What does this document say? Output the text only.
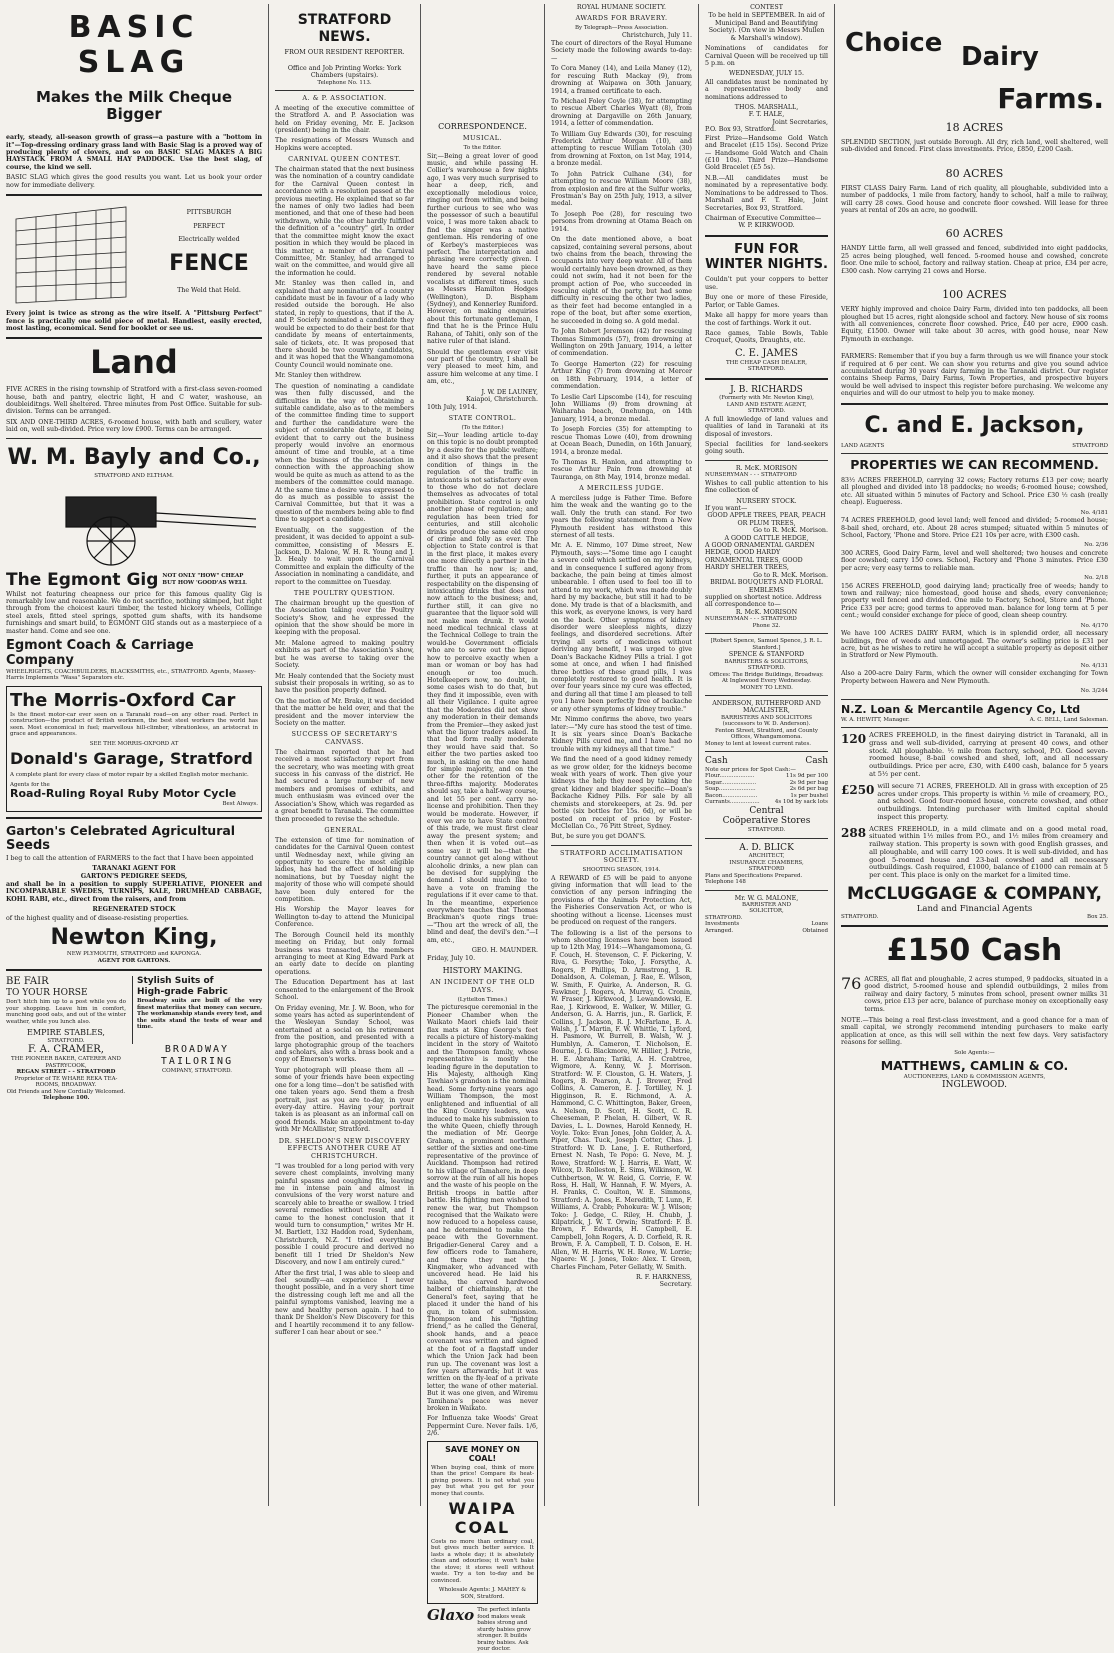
BASIC SLAG
Makes the Milk Cheque Bigger

early, steady, all-season growth of grass—a pasture with a "bottom in it"—Top-dressing ordinary grass land with Basic Slag is a proved way of producing plenty of clovers, and so on BASIC SLAG MAKES A BIG HAYSTACK FROM A SMALL HAY PADDOCK. Use the best slag, of course, the kind we sell.

BASIC SLAG which gives the good results you want. Let us book your order now for immediate delivery.

PITTSBURGH
PERFECT
Electrically welded
FENCE
The Weld that Held.

Every joint is twice as strong as the wire itself. A "Pittsburg Perfect" fence is practically one solid piece of metal. Handiest, easily erected, most lasting, economical. Send for booklet or see us.

Land

FIVE ACRES in the rising township of Stratford with a first-class seven-roomed house, bath and pantry, electric light, H and C water, washouse, an doubleiditngs. Well sheltered. Three minutes from Post Office. Suitable for sub-division. Terms can be arranged.

SIX AND ONE-THIRD ACRES, 6-roomed house, with bath and scullery, water laid on, well sub-divided. Price very low £900. Terms can be arranged.

W. M. Bayly and Co.,
STRATFORD AND ELTHAM.
The Egmont Gig NOT ONLY "HOW" CHEAP
BUT HOW 'GOOD'AS WELL

Whilst not featuring cheapness our price for this famous quality Gig is remarkably low and reasonable. We do not sacrifice, nothing skimped, but right through from the choicest kauri timber, the tested hickory wheels, Collinge steel axels, fitted steel springs, spotted gum shafts, with its handsome furnishings and smart build, to EGMONT GIG stands out as a masterpiece of a master hand. Come and see one.

Egmont Coach & Carriage Company
WHEELRIGHTS, COACHBUILDERS, BLACKSMITHS, etc., STRATFORD. Agents, Massey-Harris Implements "Wasa" Separators etc.
The Morris-Oxford Car

Is the finest motor-car ever seen on a Taranaki road—on any other road. Perfect in construction—the product of British workmen, the best steel workers the world has seen. Most economical in fuel; marvellous hill-climber, vibrationless, an aristocrat in grace and appearances.

SEE THE MORRIS-OXFORD AT
Donald's Garage, Stratford

A complete plant for every class of motor repair by a skilled English motor mechanic.

Agents for the
Road-Ruling Royal Ruby Motor Cycle
Best Always.
Garton's Celebrated Agricultural
Seeds

I beg to call the attention of FARMERS to the fact that I have been appointed

TARANAKI AGENT FOR
GARTON'S PEDIGREE SEEDS,

and shall be in a position to supply SUPERLATIVE, PIONEER and INCOMPARABLE SWEDES, TURNIPS, KALE, DRUMHEAD CABBAGE, KOHL RABI, etc., direct from the raisers, and from

REGENERATED STOCK

of the highest quality and of disease-resisting properties.

Newton King,
NEW PLYMOUTH, STRATFORD and KAPONGA.
AGENT FOR GARTONS.
BE FAIR
TO YOUR HORSE

Don't hitch him up to a post while you do your shopping. Leave him in comfort, munching good oats, and out of the winter weather, while you lunch also.

EMPIRE STABLES,
STRATFORD.
Stylish Suits of
High-grade Fabric

Broadway suits are built of the very finest materiias that money can secure. The workmanship stands every test, and the suits stand the tests of wear and time.

F. A. CRAMER,
THE PIONEER BAKER, CATERER AND PASTRYCOOK,
REGAN STREET - - STRATFORD
Proprietor of TE WHARE REKA TEA-ROOMS, BROADWAY.
Old Friends and New Cordially Welcomed.
Telephone 100.
BROADWAY
TAILORING
COMPANY, STRATFORD.
STRATFORD NEWS.
FROM OUR RESIDENT REPORTER.
Office and Job Printing Works: York Chambers (upstairs).
Telephone No. 113.
A. & P. ASSOCIATION.

A meeting of the executive committee of the Stratford A. and P. Association was held on Friday evening, Mr. E. Jackson (president) being in the chair.

The resignations of Messrs Wunsch and Hopkins were accepted.

CARNIVAL QUEEN CONTEST.

The chairman stated that the next business was the nomination of a country candidate for the Carnival Queen contest in accordance with a resolution passed at the previous meeting. He explained that so far the names of only two ladies had been mentioned, and that one of these had been withdrawn, while the other hardly fulfilled the definition of a "country" girl. In order that the committee might know the exact position in which they would be placed in this matter, a member of the Carnival Committee, Mr. Stanley, had arranged to wait on the committee, and would give all the information he could.

Mr. Stanley was then called in, and explained that any nomination of a country candidate must be in favour of a lady who resided outside the borough. He also stated, in reply to questions, that if the A. and P. Society nominated a candidate they would be expected to do their best for that candidate by means of entertainments, sale of tickets, etc. It was proposed that there should be two country candidates, and it was hoped that the Whangamomona County Council would nominate one.

Mr. Stanley then withdrew.

The question of nominating a candidate was then fully discussed, and the difficulties in the way of obtaining a suitable candidate, also as to the members of the committee finding time to support and further the candidature were the subject of considerable debate, it being evident that to carry out the business properly would involve an enormous amount of time and trouble, at a time when the business of the Association in connection with the approaching show would be quite as much as attend to as the members of the committee could manage. At the same time a desire was expressed to do as much as possible to assist the Carnival Committee, but that it was a question of the members being able to find time to support a candidate.

Eventually, on the suggestion of the president, it was decided to appoint a sub-committee, consisting of Messrs E. Jackson, D. Malone, W. H. R. Young and J. D. Healy to wait upon the Carnival Committee and explain the difficulty of the Association in nominating a candidate, and report to the committee on Tuesday.

THE POULTRY QUESTION.

The chairman brought up the question of the Association taking over the Poultry Society's Show, and he expressed the opinion that the show should be more in keeping with the proposal.

Mr. Malone agreed to making poultry exhibits as part of the Association's show, but he was averse to taking over the Society.

Mr. Healy contended that the Society must subsist their proposals in writing, so as to have the position properly defined.

On the motion of Mr. Brake, it was decided that the matter be held over, and that the president and the mover interview the Society on the matter.

SUCCESS OF SECRETARY'S CANVASS.

The chairman reported that he had received a most satisfactory report from the secretary, who was meeting with great success in his canvass of the district. He had secured a large number of new members and promises of exhibits, and much enthusiasm was evinced over the Association's Show, which was regarded as a great benefit to Taranaki. The committee then proceeded to revise the schedule.

GENERAL.

The extension of time for nomination of candidates for the Carnival Queen contest until Wednesday next, while giving an opportunity to secure the most eligible ladies, has had the effect of holding up nominations, but by Tuesday night the majority of those who will compete should have been duly entered for the competition.

His Worship the Mayor leaves for Wellington to-day to attend the Municipal Conference.

The Borough Council held its monthly meeting on Friday, but only formal business was transacted, the members arranging to meet at King Edward Park at an early date to decide on planting operations.

The Education Department has at last consented to the enlargement of the Brook School.

On Friday evening, Mr. J. W. Boon, who for some years has acted as superintendent of the Wesleyan Sunday School, was entertained at a social on his retirement from the position, and presented with a large photographic group of the teachers and scholars, also with a brass book and a copy of Emerson's works.

Your photograph will please them all —some of your friends have been expecting one for a long time—don't be satisfied with one taken years ago. Send them a fresh portrait, just as you are to-day, in your every-day attire. Having your portrait taken is as pleasant as an informal call on good friends. Make an appointment to-day with Mr McAllister, Stratford.

DR. SHELDON'S NEW DISCOVERY EFFECTS ANOTHER CURE AT CHRISTCHURCH.

"I was troubled for a long period with very severe chest complaints, involving many painful spasms and coughing fits, leaving me in intense pain and almost in convulsions of the very worst nature and scarcely able to breathe or swallow. I tried several remedies without result, and I came to the honest conclusion that it would turn to consumption," writes Mr H. M. Bartlett, 132 Haddon road, Sydenham, Christchurch, N.Z. "I tried everything possible I could procure and derived no benefit till I tried Dr Sheldon's New Discovery, and now I am entirely cured."

After the first trial, I was able to sleep and feel soundly—an experience I never thought possible, and in a very short time the distressing cough left me and all the painful symptoms vanished, leaving me a new and healthy person again. I had to thank Dr Sheldon's New Discovery for this and I heartily recommend it to any fellow-sufferer I can hear about or see."

CORRESPONDENCE.
MUSICAL.
To the Editor.

Sir,—Being a great lover of good music, and while passing H. Collier's warehouse a few nights ago, I was very much surprised to hear a deep, rich, and exceptionally melodious voice, ringing out from within, and being further curious to see who was the possessor of such a beautiful voice, I was more taken aback to find the singer was a native gentleman. His rendering of one of Kerbey's masterpieces was perfect. The interpretation and phrasing were correctly given. I have heard the same piece rendered by several notable vocalists at different times, such as Messrs Hamilton Hodges (Wellington), D. Bispham (Sydney), and Kennerley Rumford. However, on making enquiries about this fortunate gentleman, I find that he is the Prince Hulu Rahana, of Tahiti, only son of the native ruler of that island.

Should the gentleman ever visit our part of the country, I shall be very pleased to meet him, and assure him welcome at any time. I am, etc.,

J. W. DE LAUNEY,
Kaiapoi, Christchurch.
10th July, 1914.
STATE CONTROL.
(To the Editor.)

Sir,—Your leading article to-day on this topic is no doubt prompted by a desire for the public welfare; and it also shows that the present condition of things in the regulation of the traffic in intoxicants is not satisfactory even to those who do not declare themselves as advocates of total prohibition. State control is only another phase of regulation; and regulation has been tried for centuries, and still alcoholic drinks produce the same old crop of crime and folly as ever. The objection to State control is that in the first place, it makes every one more directly a partner in the traffic than he now is; and, further, it puts an appearance of respectability on the dispensing of intoxicating drinks that does not now attach to the business; and, further still, it can give no guarantee that the liquor sold will not make men drunk. It would need medical technical class at the Technical College to train the would-be Government officials who are to serve out the liquor how to perceive exactly when a man or woman or boy has had enough or too much. Hotelkeepers now, no doubt, in some cases wish to do that, but they find it impossible, even with all their Vigilance. I quite agree that the Moderates did not show any moderation in their demands from the Premier—they asked just what the liquor traders asked. In that bad form really moderate they would have said that. So either the two parties asked too much, in asking on the one hand for simple majority, and on the other for the retention of the three-fifths majority. Moderates should say, take a half-way course, and let 55 per cent. carry no-license and prohibition. Then they would be moderate. However, if ever we are to have State control of this trade, we must first clear away the present system; and then when it is voted out—as some say it will be—that the country cannot get along without alcoholic drinks, a new plan can be devised for supplying the demand. I should much like to have a vote on framing the regulations if it ever came to that. In the meantime, experience everywhere teaches that Thomas Brackman's quote rings true:—"Thou art the wreck of all, the blind and deaf, the devil's den."—I am, etc.,

GEO. H. MAUNDER.
Friday, July 10.
HISTORY MAKING.
AN INCIDENT OF THE OLD DAYS.
(Lyttelton Times.)

The picturesque ceremonial in the Pioneer Chamber when the Waikato Maori chiefs laid their flax mats at King George's feet recalls a picture of history-making incident in the story of Waitoto and the Thompson family, whose representative is mostly the leading figure in the deputation to His Majesty, although King Tawhiao's grandson is the nominal head. Some forty-nine years ago William Thompson, the most enlightened and influential of all the King Country leaders, was induced to make his submission to the white Queen, chiefly through the mediation of Mr. George Graham, a prominent northern settler of the sixties and one-time representative of the province of Auckland. Thompson had retired to his village of Tamahere, in deep sorrow at the ruin of all his hopes and the waste of his people on the British troops in battle after battle. His fighting men wished to renew the war, but Thompson recognised that the Waikato were now reduced to a hopeless cause, and he determined to make the peace with the Government. Brigadier-General Carey and a few officers rode to Tamahere, and there they met the Kingmaker, who advanced with uncovered head. He laid his taiaha, the carved hardwood halberd of chieftainship, at the General's feet, saying that he placed it under the hand of his gun, in token of submission. Thompson and his "fighting friend," as he called the General, shook hands, and a peace covenant was written and signed at the foot of a flagstaff under which the Union Jack had been run up. The covenant was lost a few years afterwards; but it was written on the fly-leaf of a private letter, the wane of other material. But it was one given, and Wiremu Tamihana's peace was never broken in Waikato.

For Influenza take Woods' Great Peppermint Cure. Never fails. 1/6, 2/6.

SAVE MONEY ON COAL!

When buying coal, think of more than the price! Compare its heat-giving powers. It is not what you pay but what you get for your money that counts.

WAIPA COAL

Costs no more than ordinary coal, but gives much better service. It lasts a whole day; it is absolutely clean and odourless; it won't bake the stove; it stores well without waste. Try a ton to-day and be convinced.

Wholesale Agents: J. MAHEY & SON, Stratford.
Glaxo The perfect infants food makes weak babies strong and sturdy babies grow stronger. It builds brainy babies. Ask your doctor.
ROYAL HUMANE SOCIETY.
AWARDS FOR BRAVERY.
By Telegraph—Press Association.
Christchurch, July 11.

The court of directors of the Royal Humane Society made the following awards to-day:—

To Cora Maney (14), and Leila Maney (12), for rescuing Ruth Mackay (9), from drowning at Waipawa on 30th January, 1914, a framed certificate to each.

To Michael Foley Coyle (38), for attempting to rescue Albert Charles Wyatt (8), from drowning at Dargaville on 26th January, 1914, a letter of commendation.

To William Guy Edwards (30), for rescuing Frederick Arthur Morgan (10), and attempting to rescue William Totolah (30) from drowning at Foxton, on 1st May, 1914, a bronze medal.

To John Patrick Culhane (34), for attempting to rescue William Moore (38), from explosion and fire at the Sulfur works, Frostman's Bay on 25th July, 1913, a silver medal.

To Joseph Poe (28), for rescuing two persons from drowning at Otama Beach on 1914.

On the date mentioned above, a boat capsized, containing several persons, about two chains from the beach, throwing the occupants into very deep water. All of them would certainly have been drowned, as they could not swim, had it not been for the prompt action of Poe, who succeeded in rescuing eight of the party, but had some difficulty in rescuing the other two ladies, as their feet had become entangled in a rope of the boat, but after some exertion, he succeeded in doing so. A gold medal.

To John Robert Jeremson (42) for rescuing Thomas Simmonds (57), from drowning at Wellington on 29th January, 1914, a letter of commendation.

To George Hamerton (22) for rescuing Arthur King (7) from drowning at Mercer on 18th February, 1914, a letter of commendation.

To Leslie Carl Lipscombe (14), for rescuing John Williams (9) from drowning at Waiharaha beach, Onehunga, on 14th January, 1914, a bronze medal.

To Joseph Forcies (35) for attempting to rescue Thomas Lowe (40), from drowning at Ocean Beach, Dunedin, on 16th January, 1914, a bronze medal.

To Thomas R. Hanlon, and attempting to rescue Arthur Pain from drowning at Tauranga, on 8th May, 1914, bronze medal.

A MERCILESS JUDGE.

A merciless judge is Father Time. Before him the weak and the wanting go to the wall. Only the truth can stand. For two years the following statement from a New Plymouth resident has withstood this sternest of all tests.

Mr. A. E. Nimmo, 107 Dime street, New Plymouth, says:—"Some time ago I caught a severe cold which settled on my kidneys, and in consequence I suffered agony from backache, the pain being at times almost unbearable. I often used to feel too ill to attend to my work, which was made doubly hard by my backache, but still it had to be done. My trade is that of a blacksmith, and this work, as everyone knows, is very hard on the back. Other symptoms of kidney disorder were sleepless nights, dizzy feelings, and disordered secretions. After trying all sorts of medicines without deriving any benefit, I was urged to give Doan's Backache Kidney Pills a trial. I got some at once, and when I had finished three bottles of these grand pills, I was completely restored to good health. It is over four years since my cure was effected, and during all that time I am pleased to tell you I have been perfectly free of backache or any other symptoms of kidney trouble."

Mr. Nimmo confirms the above, two years later:—"My cure has stood the test of time. It is six years since Doan's Backache Kidney Pills cured me, and I have had no trouble with my kidneys all that time."

We find the need of a good kidney remedy as we grow older, for the kidneys become weak with years of work. Then give your kidneys the help they need by taking the great kidney and bladder specific—Doan's Backache Kidney Pills. For sale by all chemists and storekeepers, at 2s. 9d. per bottle (six bottles for 15s. 6d), or will be posted on receipt of price by Foster-McClellan Co., 76 Pitt Street, Sydney.

But, be sure you get DOAN'S.

STRATFORD ACCLIMATISATION SOCIETY.
SHOOTING SEASON, 1914.

A REWARD of £5 will be paid to anyone giving information that will lead to the conviction of any person infringing the provisions of the Animals Protection Act, the Fisheries Conservation Act, or who is shooting without a license. Licenses must be produced on request of the rangers.

The following is a list of the persons to whom shooting licenses have been issued up to 12th May, 1914:—Whangamomona, G. F. Couch, H. Stevenson, C. F. Pickering, V. Riva, G. Forsythe; Toko, J. Forsythe, A. Rogers, P. Phillips, D. Armstrong, J. R. Donaldson, A. Coleman, J. Rae, E. Wilson, W. Smith, F. Quirke, A. Anderson, R. G. Fawkner, J. Rogers, A. Murray, G. Cronin, W. Fraser, J. Kirkwood, J. Lewandowski, E. Rae, J. Kirkwood, E. Walker, W. Miller, G. Anderson, G. A. Harris, jun., R. Garlick, F. Collins, J. Jackson, R. J. McFarlane, E. A. Walsh, J. T. Martin, F. W. Whittle, T. Lyford, H. Pasmore, W. Burrell, B. Walsh, W. J. Humblyn, A. Cameron, T. Nicholson, E. Bourne, J. G. Blackmore, W. Hillier, J. Petrie, H. E. Abraham; Tariki, A. H. Crabtree, Wigmore, A. Kenny, W. J. Morrison. Stratford: W. F. Clouston, G. H. Waters, J. Rogers, B. Pearson, A. J. Brewer, Fred Collins, A. Cameron, E. J. Tortilley, N. J. Higginson, R. E. Richmond, A. A. Hammond, C. C. Whittington, Baker, Green, A. Nelson, D. Scott, H. Scott, C. R. Cheeseman, P. Phelan, H. Gilbert, W. R. Davies, L. L. Downes, Harold Kennedy, H. Voyle. Toko: Evan Jones, John Golder, A. A. Piper, Chas. Tuck, Joseph Cotter, Chas. J. Stratford: W. D. Lane, J. E. Rutherford, Ernest N. Nash, Te Popo: G. Neve, M. J. Rowe, Stratford: W. J. Harris, E. Watt, W. Wilcox, D. Rolleston, E. Sims, Wilkinson, W. Cuthbertson, W. W. Reid, G. Corrie, F. W. Ross, H. Hall, W. Hannah, F. W. Myers, A. H. Franks, C. Coulton, W. E. Simmons, Stratford: A. Jones, E. Meredith, T. Lunn, F. Williams, A. Crabb; Pohokura: W. J. Wilson; Toko: J. Gedge, C. Riley, H. Chubb, J. Kilpatrick, J. W. T. Orwin; Stratford: F. B. Brown, F. Edwards, H. Campbell, E. Campbell, John Rogers, A. D. Corfield, R. R. Brown, F. A. Campbell, T. D. Colson, E. H. Allen, W. H. Harris, W. H. Rowe, W. Lorrie; Ngaere: W. J. Jones, Toko: Alex. T. Green, Charles Fincham, Peter Gellatly, W. Smith.

R. F. HARKNESS,
Secretary.
CONTEST

To be held in SEPTEMBER. In aid of Municipal Band and Beautifying Society). (On view in Messrs Mullen & Marshall's window).

Nominations of candidates for Carnival Queen will be received up till 5 p.m. on

WEDNESDAY, JULY 15.

All candidates must be nominated by a representative body and nominations addressed to

THOS. MARSHALL,
F. T. HALE,
Joint Secretaries,
P.O. Box 93, Stratford.

First Prize—Handsome Gold Watch and Bracelet (£15 15s). Second Prize — Handsome Gold Watch and Chain (£10 10s). Third Prize—Handsome Gold Bracelet (£5 5s).

N.B.—All candidates must be nominated by a representative body. Nominations to be addressed to Thos. Marshall and F. T. Hale, Joint Secretaries, Box 93, Stratford.

Chairman of Executive Committee—
W. P. KIRKWOOD.
FUN FOR WINTER NIGHTS.

Couldn't put your coppers to better use.

Buy one or more of these Fireside, Parlor, or Table Games.

Make all happy for more years than the cost of farthings. Work it out.

Race games, Table Bowls, Table Croquet, Quoits, Draughts, etc.

C. E. JAMES
THE CHEAP CASH DEALER,
STRATFORD.
J. B. RICHARDS
(Formerly with Mr. Newton King),
LAND AND ESTATE AGENT,
STRATFORD.

A full knowledge of land values and qualities of land in Taranaki at its disposal of investors.

Special facilities for land-seekers going south.

R. McK. MORISON
NURSERYMAN - - - STRATFORD

Wishes to call public attention to his fine collection of

NURSERY STOCK.
If you want—
GOOD APPLE TREES, PEAR, PEACH OR PLUM TREES,
Go to R. McK. Morison.
A GOOD CATTLE HEDGE,
A GOOD ORNAMENTAL GARDEN HEDGE, GOOD HARDY ORNAMENTAL TREES, GOOD HARDY SHELTER TREES,
Go to R. McK. Morison.
BRIDAL BOUQUETS AND FLORAL EMBLEMS
supplied on shortest notice. Address all correspondence to—
R. McK. MORISON
NURSERYMAN - - - STRATFORD
Phone 32.
[Robert Spence, Samuel Spence, J. R. L. Stanford.]
SPENCE & STANFORD
BARRISTERS & SOLICITORS,
STRATFORD.
Offices: The Bridge Buildings, Broadway.
At Inglewood Every Wednesday.
MONEY TO LEND.
ANDERSON, RUTHERFORD AND MACALISTER,
BARRISTERS AND SOLICITORS
(successors to W. D. Anderson).
Fenton Street, Stratford, and County Offices, Whangamomona.
Money to lent at lowest current rates.
Cash	Cash
Note our prices for Spot Cash:—
Flour....................	11s 9d per 100
Sugar....................	2s 9d per bag
Soap.....................	2s 6d per bag
Bacon....................	1s per bushel
Currants.................	4s 10d by sack lots
Central
Coöperative Stores
STRATFORD.
A. D. BLICK
ARCHITECT,
INSURANCE CHAMBERS,
STRATFORD
Plans and Specifications Prepared.
Telephone 148
Mr. W. G. MALONE,
BARRISTER AND
SOLICITOR,
STRATFORD.
Investments	Loans
Arranged.	Obtained
Choice Dairy
Farms.
18 ACRES

SPLENDID SECTION, just outside Borough. All dry, rich land, well sheltered, well sub-divided and fenced. First class investments. Price, £850, £200 Cash.

80 ACRES

FIRST CLASS Dairy Farm. Land of rich quality, all ploughable, subdivided into a number of paddocks, 1 mile from factory, handy to school, half a mile to railway, will carry 28 cows. Good house and concrete floor cowshed. Will lease for three years at rental of 20s an acre, no goodwill.

60 ACRES

HANDY Little farm, all well grassed and fenced, subdivided into eight paddocks, 25 acres being ploughed, well fenced. 5-roomed house and cowshed, concrete floor. One mile to school, factory and railway station. Cheap at price, £34 per acre, £300 cash. Now carrying 21 cows and Horse.

100 ACRES

VERY highly improved and choice Dairy Farm, divided into ten paddocks, all been ploughed but 15 acres, right alongside school and factory. New house of six rooms with all conveniences, concrete floor cowshed. Price, £40 per acre, £900 cash. Equity, £1500. Owner will take about 30 acres, with good house, near New Plymouth in exchange.

FARMERS: Remember that if you buy a farm through us we will finance your stock if required at 6 per cent. We can show you returns and give you sound advice accumulated during 30 years' dairy farming in the Taranaki district. Our register contains Sheep Farms, Dairy Farms, Town Properties, and prospective buyers would be well advised to inspect this register before purchasing. We welcome any enquiries and will do our utmost to help you to make money.

C. and E. Jackson,
LAND AGENTS	STRATFORD
PROPERTIES WE CAN RECOMMEND.

83½ ACRES FREEHOLD, carrying 32 cows; Factory returns £13 per cow; nearly all ploughed and divided into 18 paddocks; no weeds; 6-roomed house; cowshed, etc. All situated within 5 minutes of Factory and School. Price £30 ½ cash (really cheap). Eugueress.

No. 4/181

74 ACRES FREEHOLD, good level land; well fenced and divided; 5-roomed house; 8-bail shed, orchard, etc. About 28 acres stumped; situated within 5 minutes of School, Factory, 'Phone and Store. Price £21 10s per acre, with £300 cash.

No. 2/36

300 ACRES, Good Dairy Farm, level and well sheltered; two houses and concrete floor cowshed; carry 150 cows. School, Factory and 'Phone 3 minutes. Price £30 per acre; very easy terms to reliable man.

No. 2/18

156 ACRES FREEHOLD, good dairying land; practically free of weeds; handy to town and railway; nice homestead, good house and sheds, every convenience; property well fenced and divided. One mile to Factory, School, Store and 'Phone. Price £33 per acre; good terms to approved man. balance for long term at 5 per cent.; would consider exchange for piece of good, clean sheep country.

No. 4/170

We have 100 ACRES DAIRY FARM, which is in splendid order, all necessary buildings, free of weeds and unmortgaged. The owner's selling price is £31 per acre, but as he wishes to retire he will accept a suitable property as deposit either in Stratford or New Plymouth.

No. 4/131

Also a 200-acre Dairy Farm, which the owner will consider exchanging for Town Property between Hawera and New Plymouth.

No. 3/244
N.Z. Loan & Mercantile Agency Co, Ltd
W. A. HEWITT, Manager.	A. C. BELL, Land Salesman.
120 ACRES FREEHOLD, in the finest dairying district in Taranaki, all in grass and well sub-divided, carrying at present 40 cows, and other stock. All ploughable. ½ mile from factory, school, P.O. Good seven-roomed house, 8-bail cowshed and shed, loft, and all necessary outbuildings. Price per acre, £30, with £400 cash, balance for 5 years at 5½ per cent.

£250 will secure 71 ACRES, FREEHOLD. All in grass with exception of 25 acres under crops. This property is within ½ mile of creamery, P.O., and school. Good four-roomed house, concrete cowshed, and other outbuildings. Intending purchaser with limited capital should inspect this property.

288 ACRES FREEHOLD, in a mild climate and on a good metal road, situated within 1½ miles from P.O., and 1½ miles from creamery and railway station. This property is sown with good English grasses, and all ploughable, and will carry 100 cows. It is well sub-divided, and has good 5-roomed house and 23-bail cowshed and all necessary outbuildings. Cash required, £1000, balance of £1000 can remain at 5 per cent. This place is only on the market for a limited time.

McCLUGGAGE & COMPANY,
Land and Financial Agents
STRATFORD.	Box 25.
£150 Cash
76 ACRES, all flat and ploughable, 2 acres stumped, 9 paddocks, situated in a good district, 5-roomed house and splendid outbuildings, 2 miles from railway and dairy factory, 5 minutes from school, present owner milks 31 cows, price £13 per acre, balance of purchase money on exceptionally easy terms.

NOTE.—This being a real first-class investment, and a good chance for a man of small capital, we strongly recommend intending purchasers to make early application at once, as this will sell within the next few days. Very satisfactory reasons for selling.

Sole Agents:—
MATTHEWS, CAMLIN & CO.
AUCTIONEERS, LAND & COMMISSION AGENTS,
INGLEWOOD.
